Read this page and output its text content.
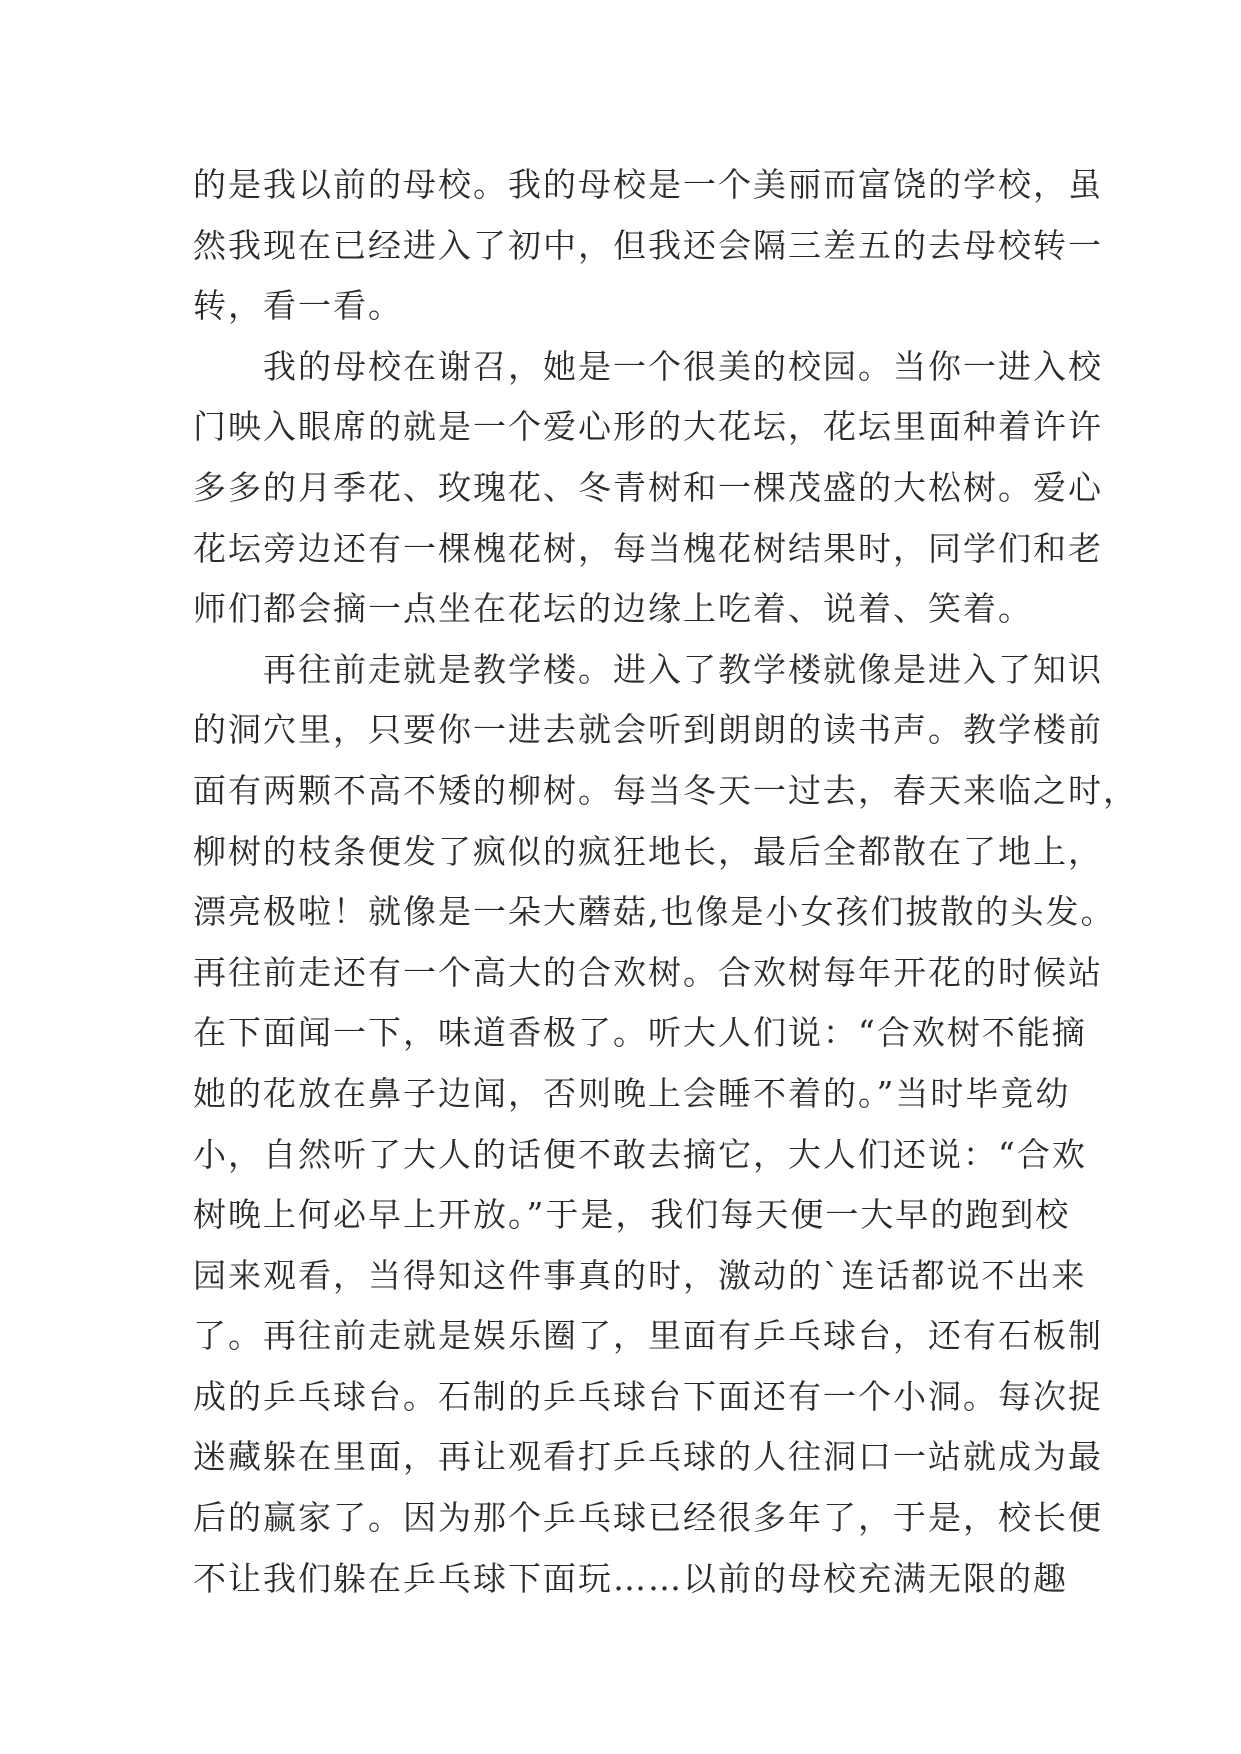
的是我以前的母校。我的母校是一个美丽而富饶的学校，虽
然我现在已经进入了初中，但我还会隔三差五的去母校转一
转，看一看。
　　我的母校在谢召，她是一个很美的校园。当你一进入校
门映入眼席的就是一个爱心形的大花坛，花坛里面种着许许
多多的月季花、玫瑰花、冬青树和一棵茂盛的大松树。爱心
花坛旁边还有一棵槐花树，每当槐花树结果时，同学们和老
师们都会摘一点坐在花坛的边缘上吃着、说着、笑着。
　　再往前走就是教学楼。进入了教学楼就像是进入了知识
的洞穴里，只要你一进去就会听到朗朗的读书声。教学楼前
面有两颗不高不矮的柳树。每当冬天一过去，春天来临之时，
柳树的枝条便发了疯似的疯狂地长，最后全都散在了地上，
漂亮极啦！就像是一朵大蘑菇,也像是小女孩们披散的头发。
再往前走还有一个高大的合欢树。合欢树每年开花的时候站
在下面闻一下，味道香极了。听大人们说：“合欢树不能摘
她的花放在鼻子边闻，否则晚上会睡不着的。”当时毕竟幼
小，自然听了大人的话便不敢去摘它，大人们还说：“合欢
树晚上何必早上开放。”于是，我们每天便一大早的跑到校
园来观看，当得知这件事真的时，激动的`连话都说不出来
了。再往前走就是娱乐圈了，里面有乒乓球台，还有石板制
成的乒乓球台。石制的乒乓球台下面还有一个小洞。每次捉
迷藏躲在里面，再让观看打乒乓球的人往洞口一站就成为最
后的赢家了。因为那个乒乓球已经很多年了，于是，校长便
不让我们躲在乒乓球下面玩……以前的母校充满无限的趣
